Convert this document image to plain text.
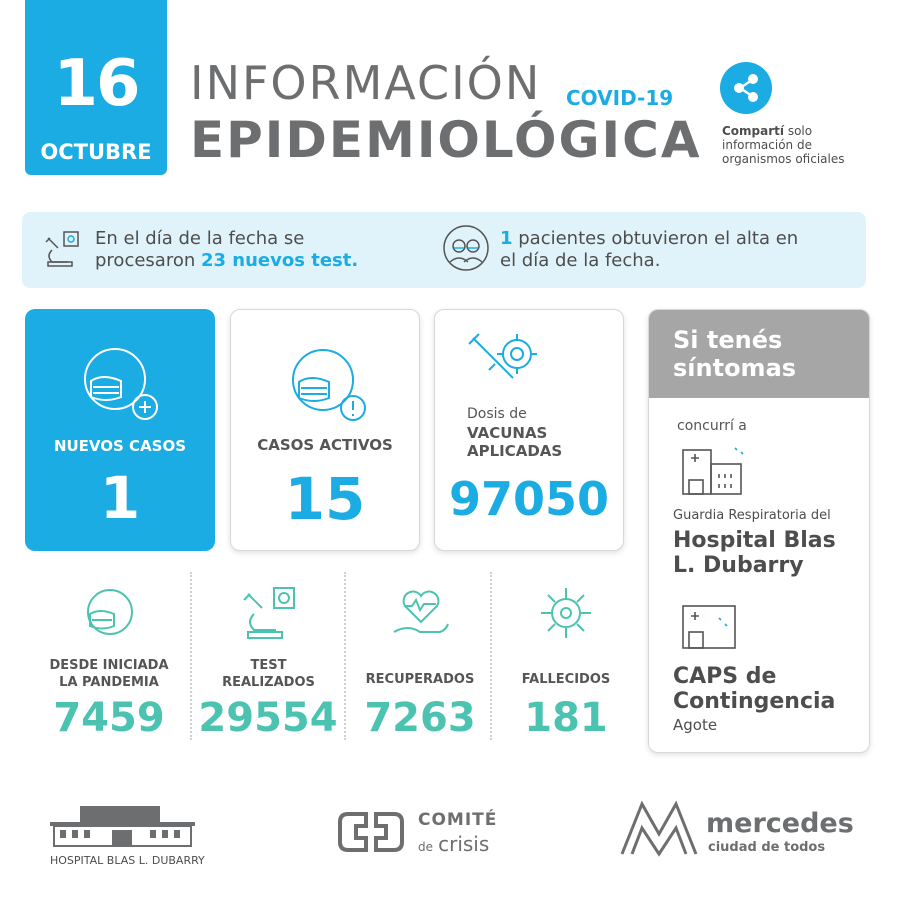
16
OCTUBRE
INFORMACIÓN COVID-19
EPIDEMIOLÓGICA Compartí solo
información de
organismos oficiales
En el día de la fecha se
procesaron 23 nuevos test.
1 pacientes obtuvieron el alta en
el día de la fecha.
NUEVOS CASOS
1
CASOS ACTIVOS
15
Dosis de
VACUNAS
APLICADAS
97050
DESDE INICIADA
LA PANDEMIA
7459
TEST
REALIZADOS
29554
RECUPERADOS
7263
FALLECIDOS
181
Si tenés
síntomas
concurrí a
Guardia Respiratoria del
Hospital Blas
L. Dubarry
CAPS de
Contingencia
Agote
HOSPITAL BLAS L. DUBARRY
COMITÉ
de crisis
mercedes
ciudad de todos
